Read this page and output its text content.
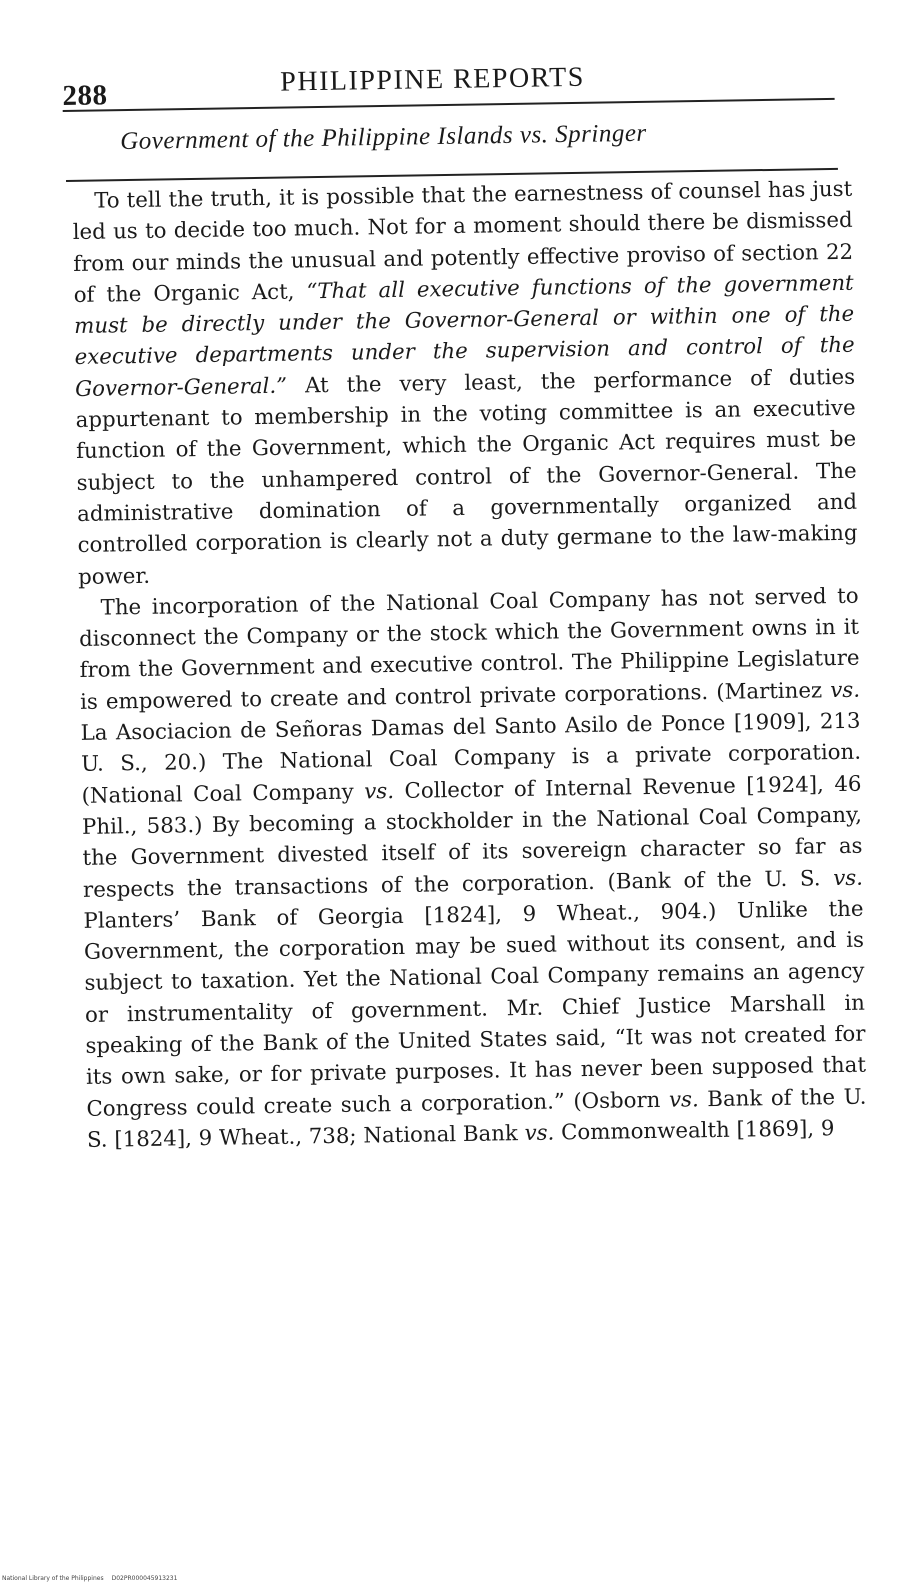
288	PHILIPPINE REPORTS
Government of the Philippine Islands vs. Springer

To tell the truth, it is possible that the earnestness of counsel has just led us to decide too much. Not for a moment should there be dismissed from our minds the unusual and potently effective proviso of section 22 of the Organic Act, “That all executive functions of the government must be directly under the Governor-General or within one of the executive departments under the supervision and control of the Governor-General.” At the very least, the performance of duties appurtenant to membership in the voting committee is an executive function of the Government, which the Organic Act requires must be subject to the unhampered control of the Governor-General. The administrative domination of a governmentally organized and controlled corporation is clearly not a duty germane to the law-making power.

The incorporation of the National Coal Company has not served to disconnect the Company or the stock which the Government owns in it from the Government and executive control. The Philippine Legislature is empowered to create and control private corporations. (Martinez vs. La Asociacion de Señoras Damas del Santo Asilo de Ponce [1909], 213 U. S., 20.) The National Coal Company is a private corporation. (National Coal Company vs. Collector of Internal Revenue [1924], 46 Phil., 583.) By becoming a stockholder in the National Coal Company, the Government divested itself of its sovereign character so far as respects the transactions of the corporation. (Bank of the U. S. vs. Planters’ Bank of Georgia [1824], 9 Wheat., 904.) Unlike the Government, the corporation may be sued without its consent, and is subject to taxation. Yet the National Coal Company remains an agency or instrumentality of government. Mr. Chief Justice Marshall in speaking of the Bank of the United States said, “It was not created for its own sake, or for private purposes. It has never been supposed that Congress could create such a corporation.” (Osborn vs. Bank of the U. S. [1824], 9 Wheat., 738; National Bank vs. Commonwealth [1869], 9

National Library of the Philippines D02PR000045913231
